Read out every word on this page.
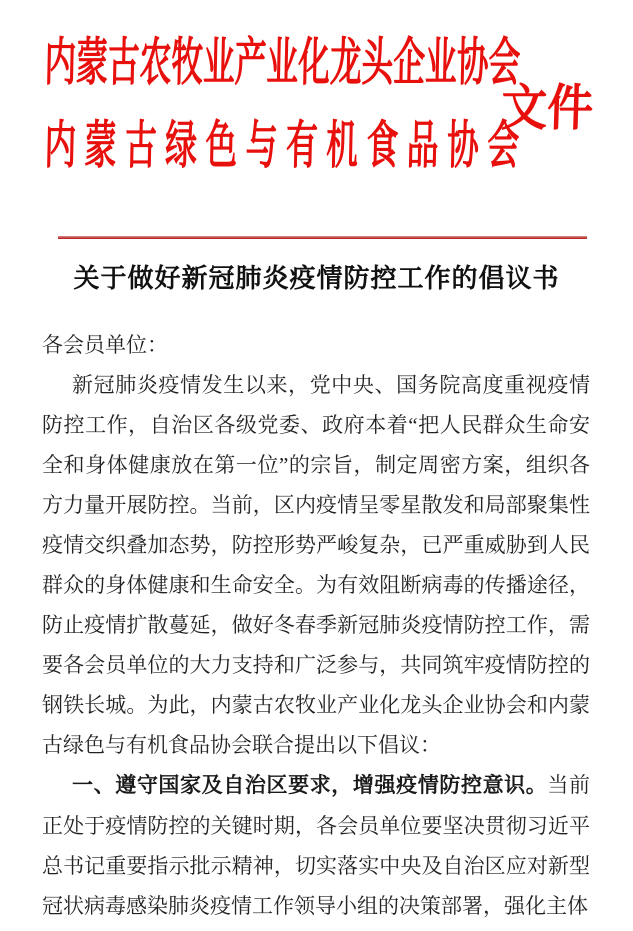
内蒙古农牧业产业化龙头企业协会
内蒙古绿色与有机食品协会
文件
关于做好新冠肺炎疫情防控工作的倡议书
各会员单位：

新冠肺炎疫情发生以来，党中央、国务院高度重视疫情防控工作，自治区各级党委、政府本着“把人民群众生命安全和身体健康放在第一位”的宗旨，制定周密方案，组织各方力量开展防控。当前，区内疫情呈零星散发和局部聚集性疫情交织叠加态势，防控形势严峻复杂，已严重威胁到人民群众的身体健康和生命安全。为有效阻断病毒的传播途径，防止疫情扩散蔓延，做好冬春季新冠肺炎疫情防控工作，需要各会员单位的大力支持和广泛参与，共同筑牢疫情防控的钢铁长城。为此，内蒙古农牧业产业化龙头企业协会和内蒙古绿色与有机食品协会联合提出以下倡议：

一、遵守国家及自治区要求，增强疫情防控意识。当前正处于疫情防控的关键时期，各会员单位要坚决贯彻习近平总书记重要指示批示精神，切实落实中央及自治区应对新型冠状病毒感染肺炎疫情工作领导小组的决策部署，强化主体
